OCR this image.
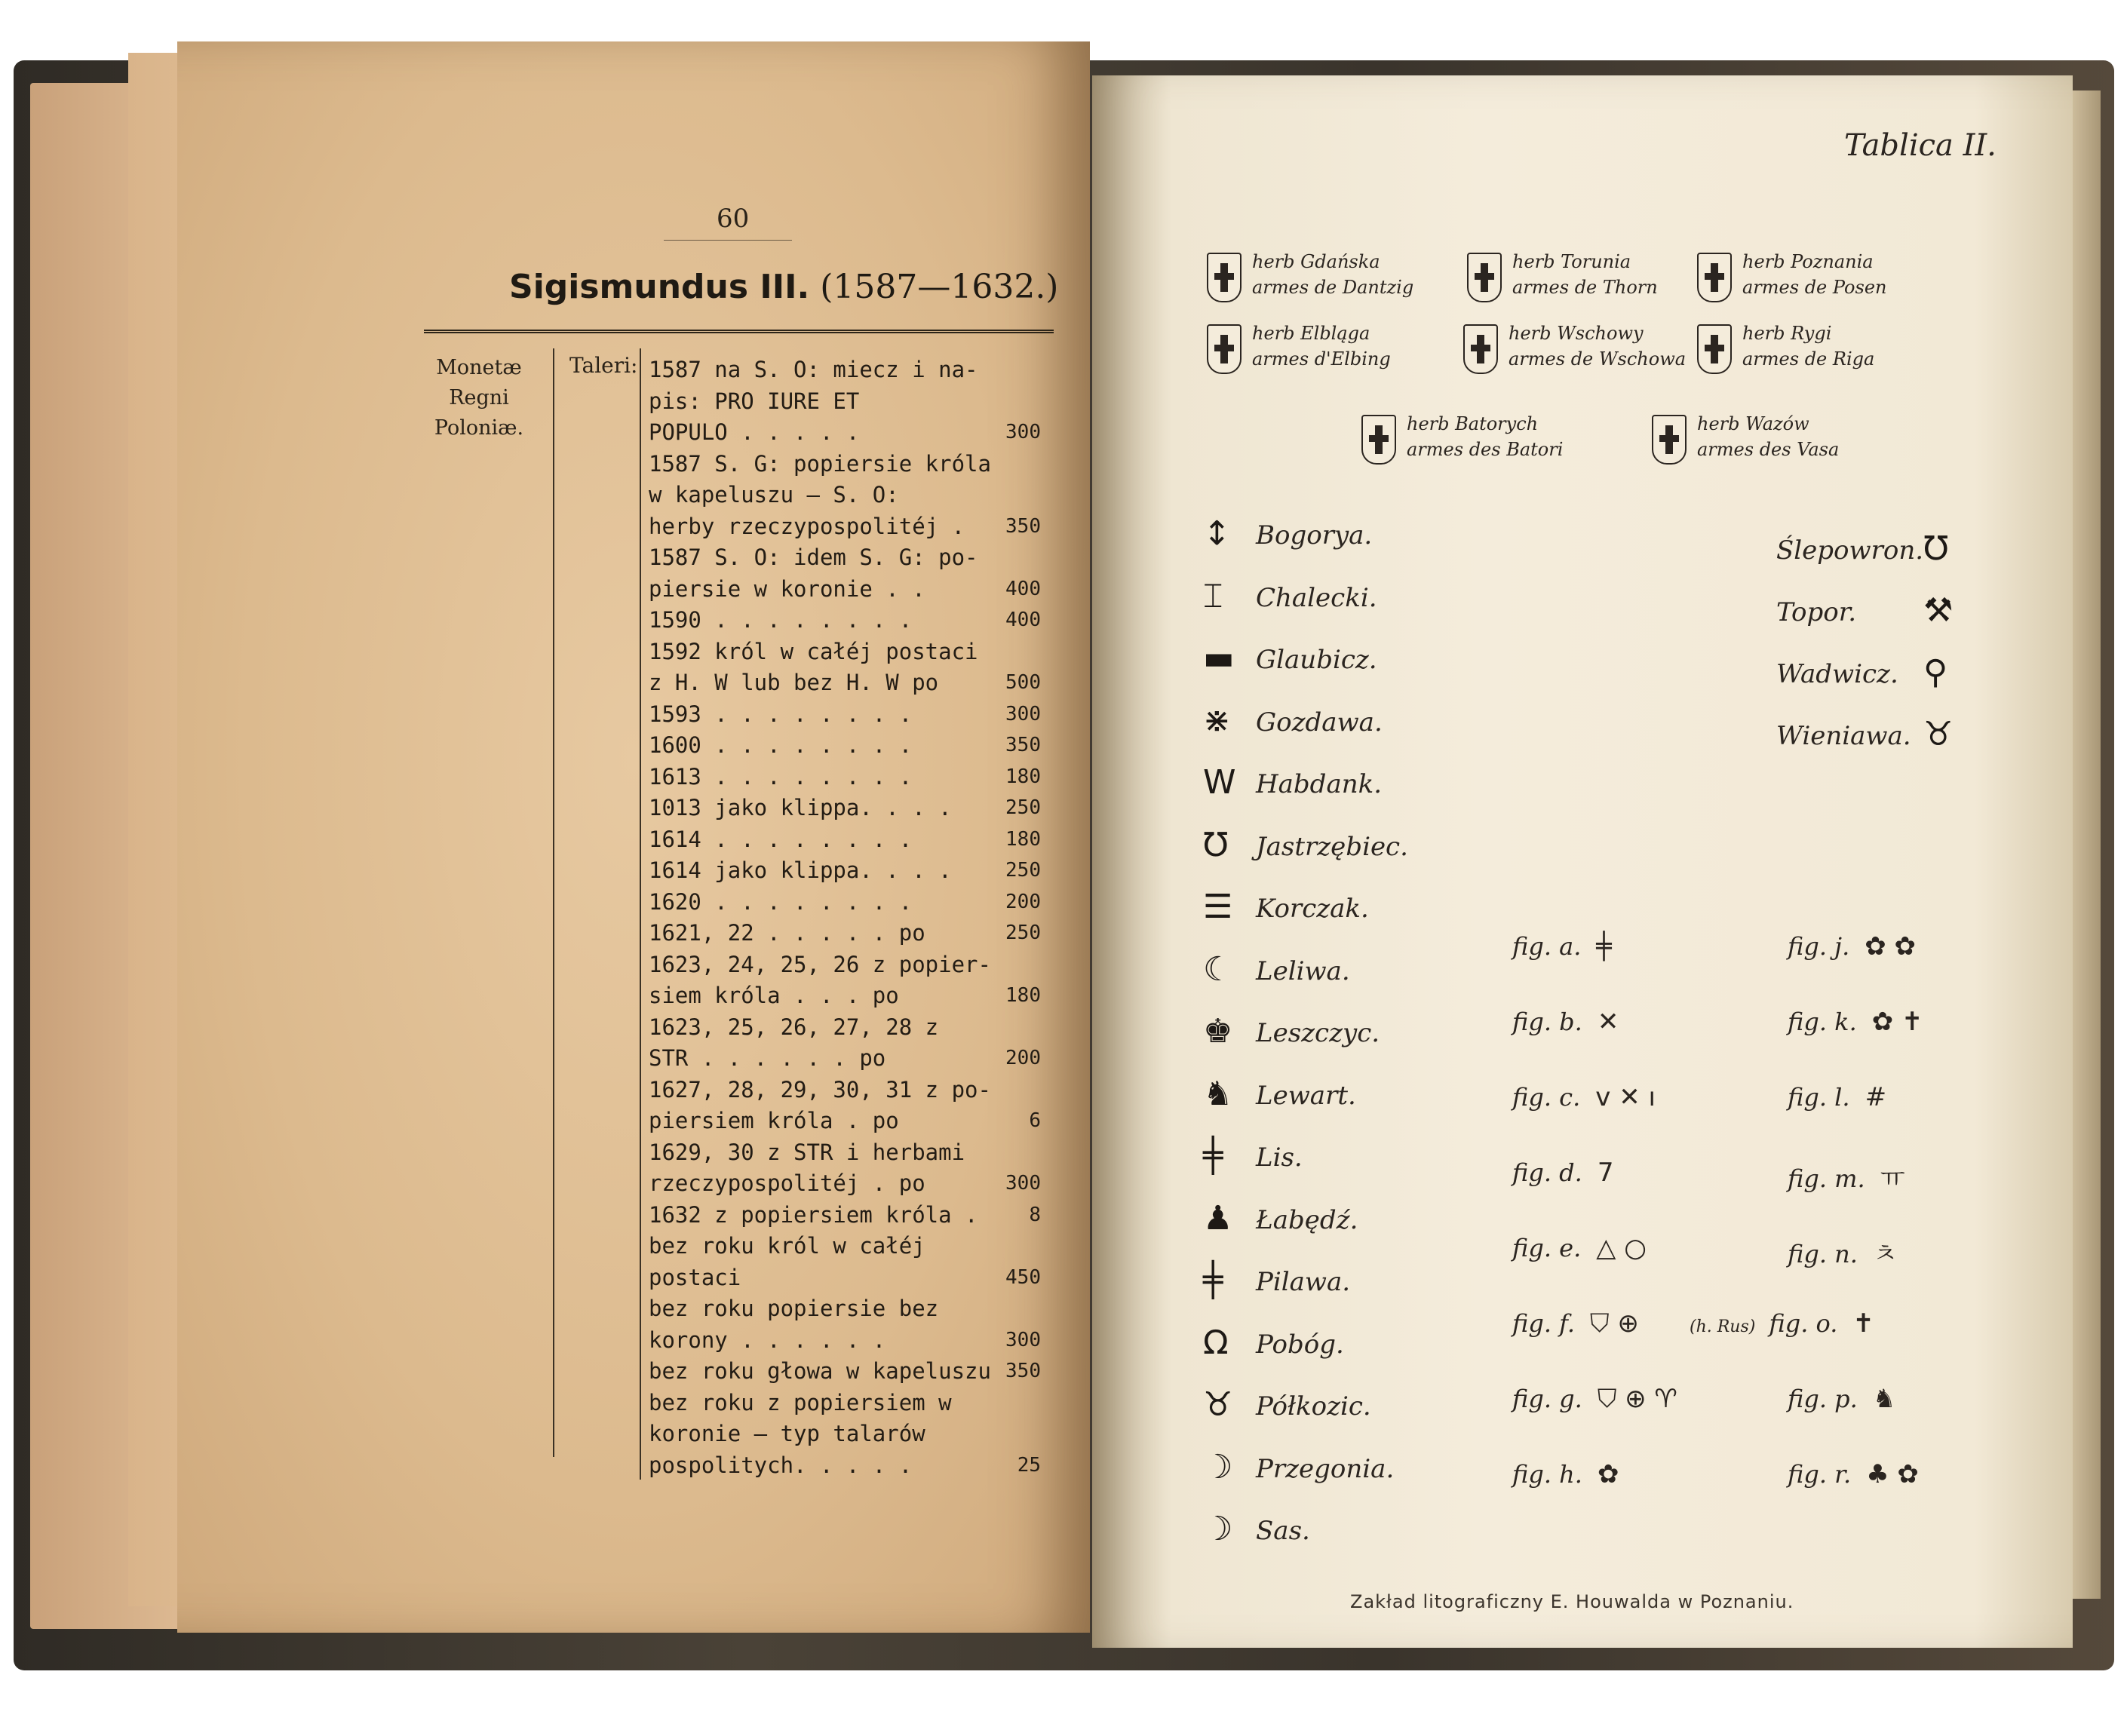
60
Sigismundus III. (1587—1632.)
Monetæ Regni Poloniæ.
Taleri: 1587 na S. O: miecz i na-
pis: PRO IURE ET
POPULO . . . . .	300
1587 S. G: popiersie króla
w kapeluszu — S. O:
herby rzeczypospolitéj .	350
1587 S. O: idem S. G: po-
piersie w koronie . .	400
1590 . . . . . . . .	400
1592 król w całéj postaci
z H. W lub bez H. W po	500
1593 . . . . . . . .	300
1600 . . . . . . . .	350
1613 . . . . . . . .	180
1013 jako klippa. . . .	250
1614 . . . . . . . .	180
1614 jako klippa. . . .	250
1620 . . . . . . . .	200
1621, 22 . . . . . po	250
1623, 24, 25, 26 z popier-
siem króla . . . po	180
1623, 25, 26, 27, 28 z
STR . . . . . . po	200
1627, 28, 29, 30, 31 z po-
piersiem króla . po	6
1629, 30 z STR i herbami
rzeczypospolitéj . po	300
1632 z popiersiem króla .	8
bez roku król w całéj postaci	450
bez roku popiersie bez
korony . . . . . .	300
bez roku głowa w kapeluszu 350
bez roku z popiersiem w
koronie — typ talarów
pospolitych. . . . .	25
Tablica II.
herb Gdańska
armes de Dantzig
herb Torunia
armes de Thorn
herb Poznania
armes de Posen
herb Elbląga
armes d'Elbing
herb Wschowy
armes de Wschowa
herb Rygi
armes de Riga
herb Batorych
armes des Batori
herb Wazów
armes des Vasa
↕ Bogorya.
⌶ Chalecki.
▬ Glaubicz.
⋇ Gozdawa.
W Habdank.
℧ Jastrzębiec.
☰ Korczak.
☾ Leliwa.
♚ Leszczyc.
♞ Lewart.
╪ Lis.
♟ Łabędź.
╪ Pilawa.
Ω Pobóg.
♉ Półkozic.
☽ Przegonia.
☽ Sas.
Ślepowron. ℧
Topor. ⚒
Wadwicz. ⚲
Wieniawa. ♉
fig. a. ╪
fig. b. ✕
fig. c. v ✕ ı
fig. d. 7
fig. e. △ ○
fig. f. ⛉ ⊕
fig. g. ⛉ ⊕ ♈
fig. h. ✿
fig. j. ✿ ✿
fig. k. ✿ ✝
fig. l. #
fig. m. ㅠ
fig. n. ㅊ
(h. Rus) fig. o. ✝
fig. p. ♞
fig. r. ♣ ✿
Zakład litograficzny E. Houwalda w Poznaniu.
